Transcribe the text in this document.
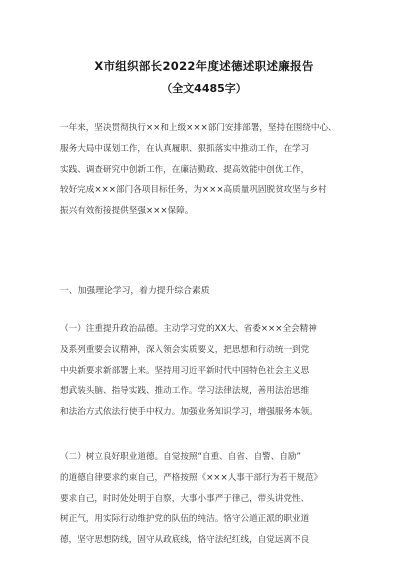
X市组织部长2022年度述德述职述廉报告
（全文4485字）
一年来，坚决贯彻执行××和上级×××部门安排部署，坚持在围绕中心、
服务大局中谋划工作，在认真履职、狠抓落实中推动工作，在学习
实践、调查研究中创新工作，在廉洁勤政、提高效能中创优工作，
较好完成×××部门各项目标任务，为×××高质量巩固脱贫攻坚与乡村
振兴有效衔接提供坚强×××保障。
一、加强理论学习，着力提升综合素质
（一）注重提升政治品德。主动学习党的XX大、省委×××全会精神
及系列重要会议精神，深入领会实质要义，把思想和行动统一到党
中央新要求新部署上来。坚持用习近平新时代中国特色社会主义思
想武装头脑、指导实践、推动工作。学习法律法规，善用法治思维
和法治方式依法行使手中权力。加强业务知识学习，增强服务本领。
（二）树立良好职业道德。自觉按照“自重、自省、自警、自励”
的道德自律要求约束自己，严格按照《×××人事干部行为若干规范》
要求自己，时时处处明于自察，大事小事严于律己，带头讲党性、
树正气，用实际行动维护党的队伍的纯洁。恪守公道正派的职业道
德，坚守思想防线，固守从政底线，恪守法纪红线，自觉远离不良
